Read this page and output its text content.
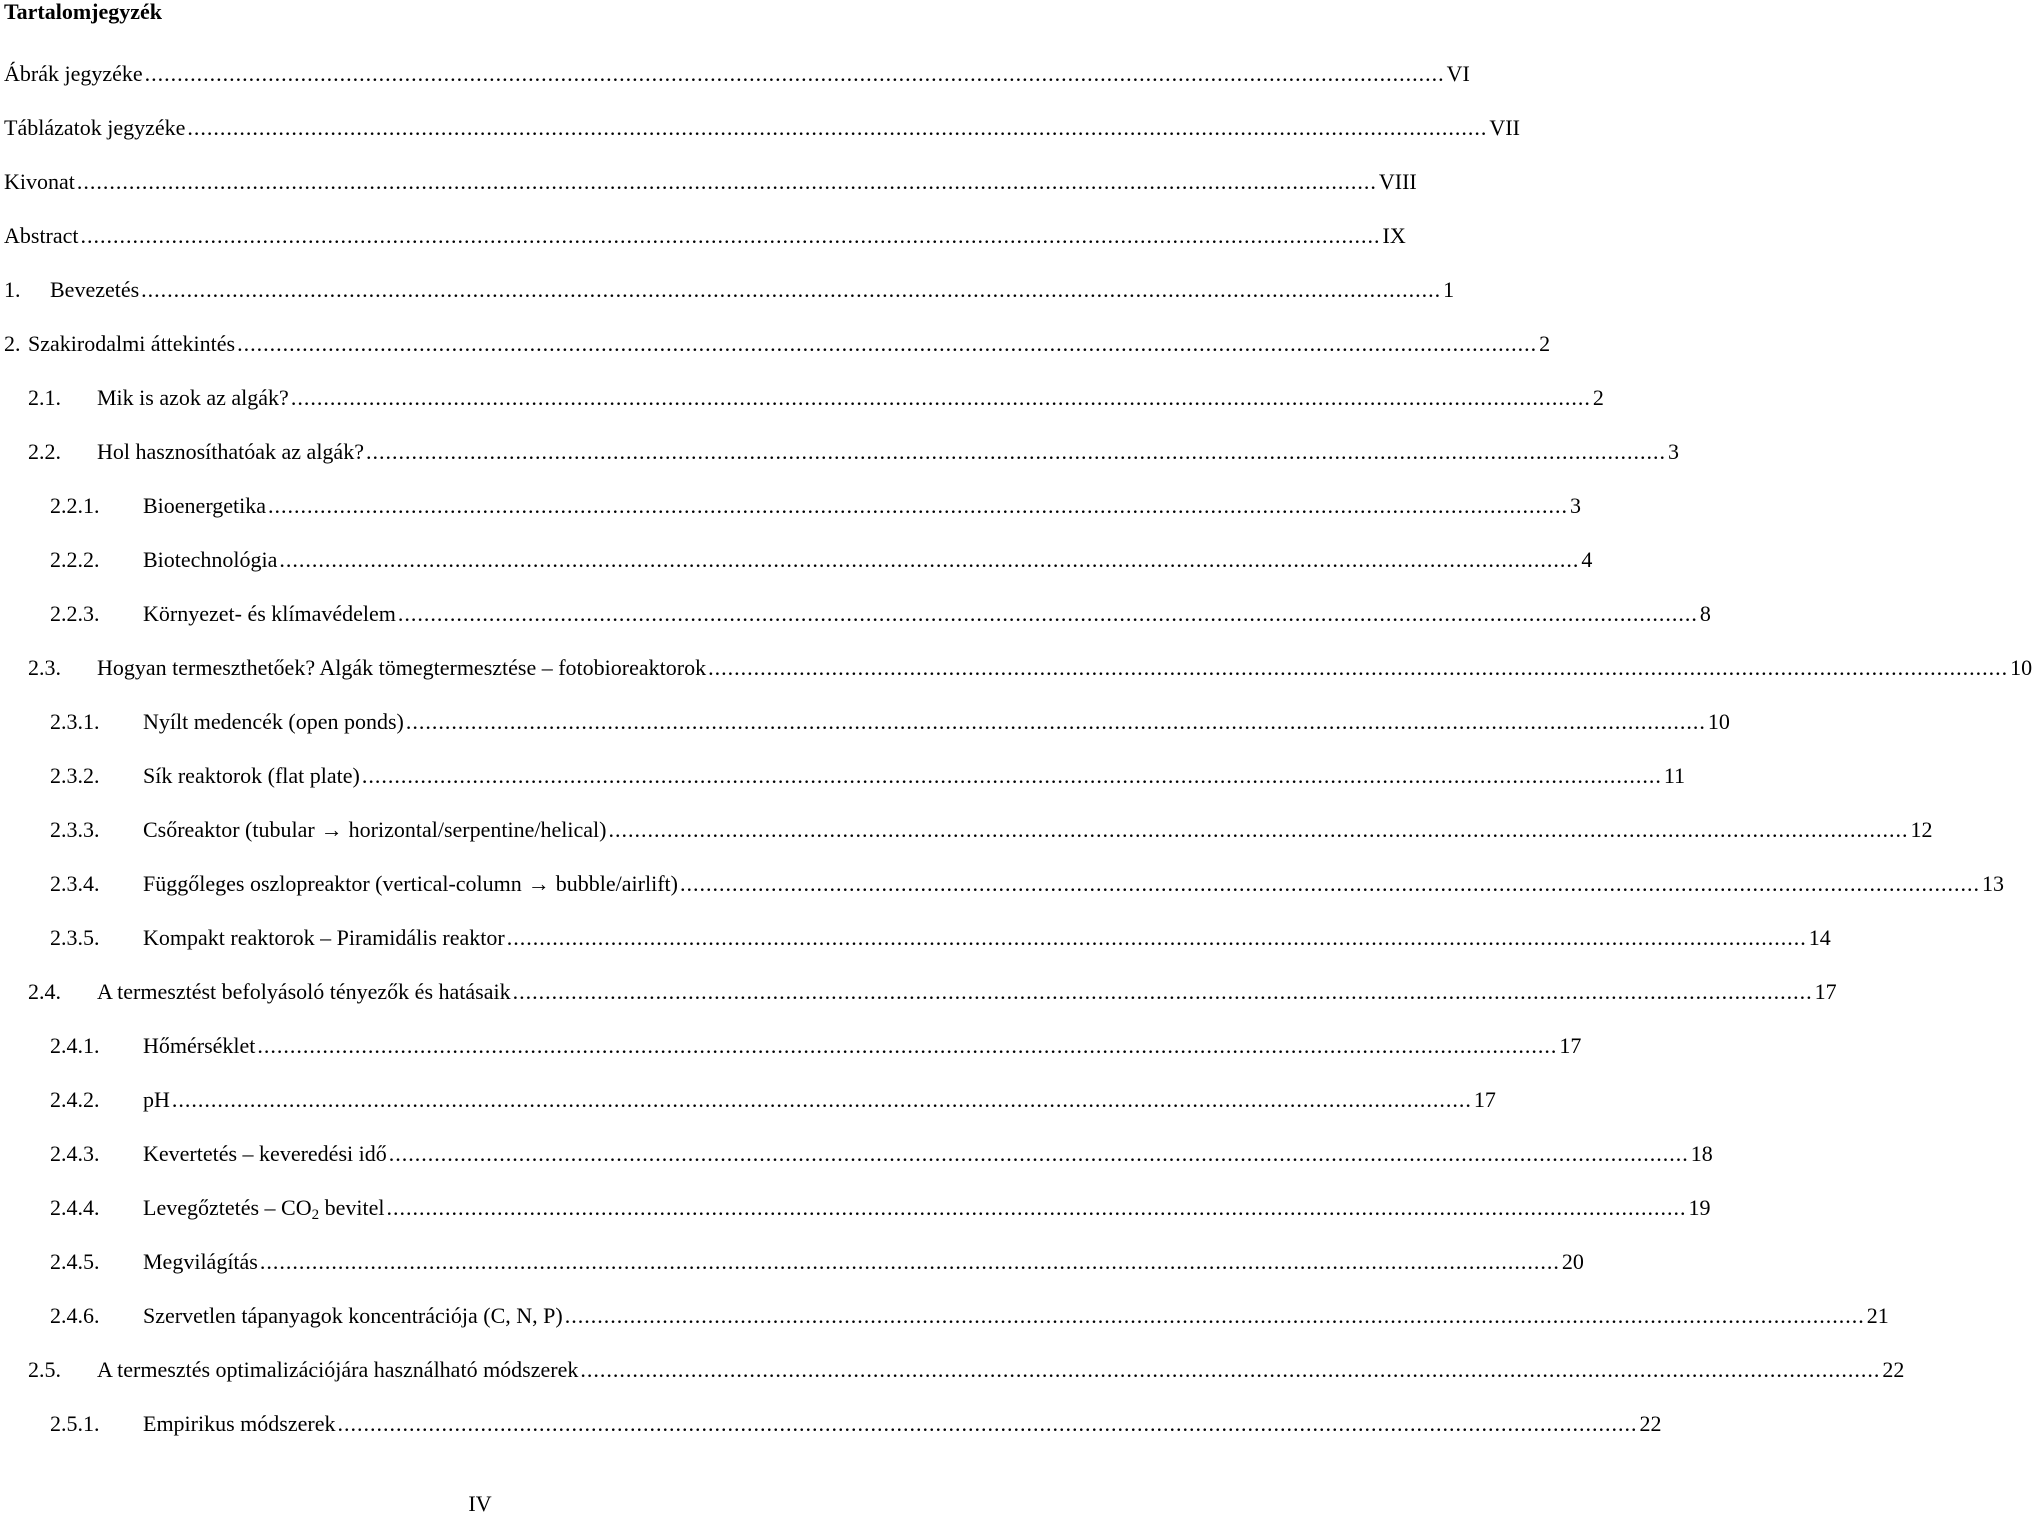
Tartalomjegyzék
Ábrák jegyzéke ........................................................................................................................................................................................................ VI
Táblázatok jegyzéke ........................................................................................................................................................................................................ VII
Kivonat ........................................................................................................................................................................................................ VIII
Abstract ........................................................................................................................................................................................................ IX
1.	Bevezetés ........................................................................................................................................................................................................ 1
2. Szakirodalmi áttekintés ........................................................................................................................................................................................................ 2
2.1.	Mik is azok az algák? ........................................................................................................................................................................................................ 2
2.2.	Hol hasznosíthatóak az algák? ........................................................................................................................................................................................................ 3
2.2.1.	Bioenergetika ........................................................................................................................................................................................................ 3
2.2.2.	Biotechnológia ........................................................................................................................................................................................................ 4
2.2.3.	Környezet- és klímavédelem ........................................................................................................................................................................................................ 8
2.3.	Hogyan termeszthetőek? Algák tömegtermesztése – fotobioreaktorok ........................................................................................................................................................................................................ 10
2.3.1.	Nyílt medencék (open ponds) ........................................................................................................................................................................................................ 10
2.3.2.	Sík reaktorok (flat plate) ........................................................................................................................................................................................................ 11
2.3.3.	Csőreaktor (tubular → horizontal/serpentine/helical) ........................................................................................................................................................................................................ 12
2.3.4.	Függőleges oszlopreaktor (vertical-column → bubble/airlift) ........................................................................................................................................................................................................ 13
2.3.5.	Kompakt reaktorok – Piramidális reaktor ........................................................................................................................................................................................................ 14
2.4.	A termesztést befolyásoló tényezők és hatásaik ........................................................................................................................................................................................................ 17
2.4.1.	Hőmérséklet ........................................................................................................................................................................................................ 17
2.4.2.	pH ........................................................................................................................................................................................................ 17
2.4.3.	Kevertetés – keveredési idő ........................................................................................................................................................................................................ 18
2.4.4.	Levegőztetés – $CO_2$ bevitel ........................................................................................................................................................................................................ 19
2.4.5.	Megvilágítás ........................................................................................................................................................................................................ 20
2.4.6.	Szervetlen tápanyagok koncentrációja (C, N, P) ........................................................................................................................................................................................................ 21
2.5.	A termesztés optimalizációjára használható módszerek ........................................................................................................................................................................................................ 22
2.5.1.	Empirikus módszerek ........................................................................................................................................................................................................ 22
IV
